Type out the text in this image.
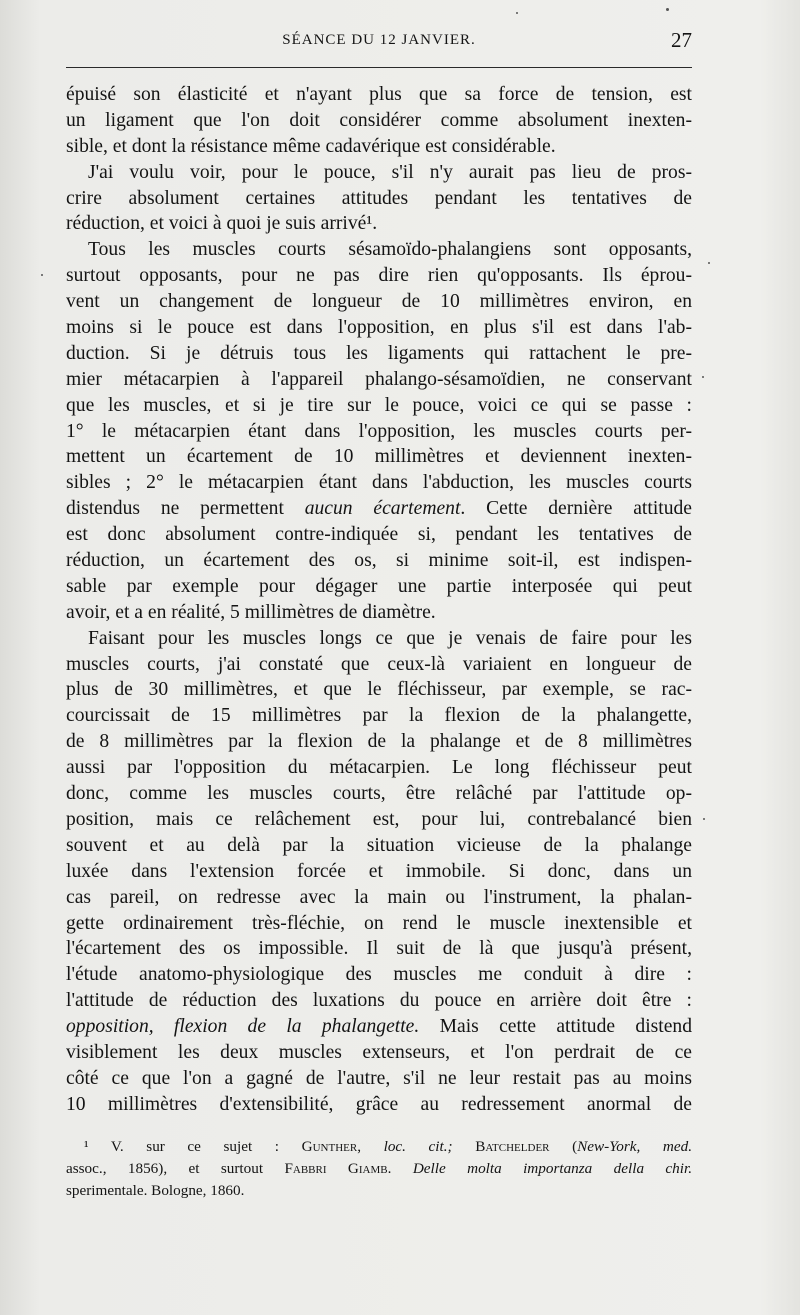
SÉANCE DU 12 JANVIER.	27
épuisé son élasticité et n'ayant plus que sa force de tension, est
un ligament que l'on doit considérer comme absolument inexten-
sible, et dont la résistance même cadavérique est considérable.
J'ai voulu voir, pour le pouce, s'il n'y aurait pas lieu de pros-
crire absolument certaines attitudes pendant les tentatives de
réduction, et voici à quoi je suis arrivé¹.
Tous les muscles courts sésamoïdo-phalangiens sont opposants,
surtout opposants, pour ne pas dire rien qu'opposants. Ils éprou-
vent un changement de longueur de 10 millimètres environ, en
moins si le pouce est dans l'opposition, en plus s'il est dans l'ab-
duction. Si je détruis tous les ligaments qui rattachent le pre-
mier métacarpien à l'appareil phalango-sésamoïdien, ne conservant
que les muscles, et si je tire sur le pouce, voici ce qui se passe :
1° le métacarpien étant dans l'opposition, les muscles courts per-
mettent un écartement de 10 millimètres et deviennent inexten-
sibles ; 2° le métacarpien étant dans l'abduction, les muscles courts
distendus ne permettent aucun écartement. Cette dernière attitude
est donc absolument contre-indiquée si, pendant les tentatives de
réduction, un écartement des os, si minime soit-il, est indispen-
sable par exemple pour dégager une partie interposée qui peut
avoir, et a en réalité, 5 millimètres de diamètre.
Faisant pour les muscles longs ce que je venais de faire pour les
muscles courts, j'ai constaté que ceux-là variaient en longueur de
plus de 30 millimètres, et que le fléchisseur, par exemple, se rac-
courcissait de 15 millimètres par la flexion de la phalangette,
de 8 millimètres par la flexion de la phalange et de 8 millimètres
aussi par l'opposition du métacarpien. Le long fléchisseur peut
donc, comme les muscles courts, être relâché par l'attitude op-
position, mais ce relâchement est, pour lui, contrebalancé bien
souvent et au delà par la situation vicieuse de la phalange
luxée dans l'extension forcée et immobile. Si donc, dans un
cas pareil, on redresse avec la main ou l'instrument, la phalan-
gette ordinairement très-fléchie, on rend le muscle inextensible et
l'écartement des os impossible. Il suit de là que jusqu'à présent,
l'étude anatomo-physiologique des muscles me conduit à dire :
l'attitude de réduction des luxations du pouce en arrière doit être :
opposition, flexion de la phalangette. Mais cette attitude distend
visiblement les deux muscles extenseurs, et l'on perdrait de ce
côté ce que l'on a gagné de l'autre, s'il ne leur restait pas au moins
10 millimètres d'extensibilité, grâce au redressement anormal de
¹ V. sur ce sujet : Gunther, loc. cit.; Batchelder (New-York, med.
assoc., 1856), et surtout Fabbri Giamb. Delle molta importanza della chir.
sperimentale. Bologne, 1860.
